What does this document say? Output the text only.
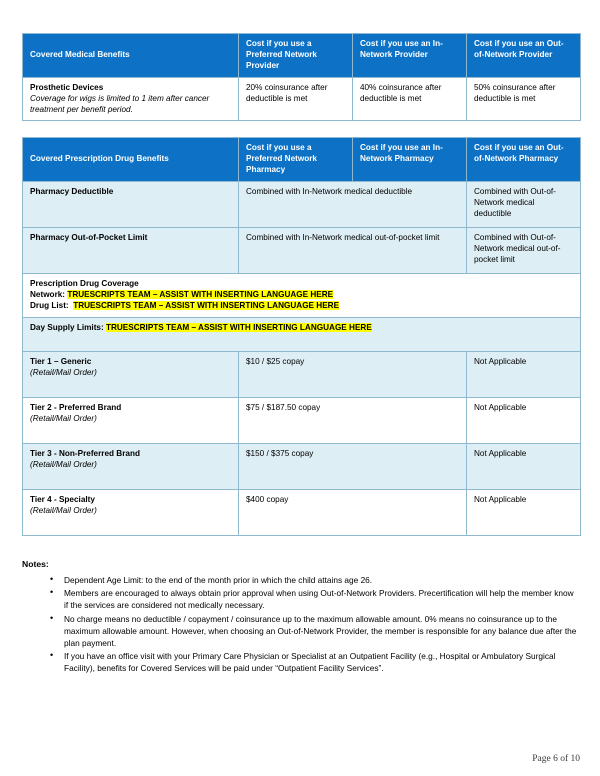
Covered Medical Benefits	Cost if you use a Preferred Network Provider	Cost if you use an In-Network Provider	Cost if you use an Out-of-Network Provider

Prosthetic Devices
Coverage for wigs is limited to 1 item after cancer treatment per benefit period.	20% coinsurance after deductible is met	40% coinsurance after deductible is met	50% coinsurance after deductible is met

Covered Prescription Drug Benefits	Cost if you use a Preferred Network Pharmacy	Cost if you use an In-Network Pharmacy	Cost if you use an Out-of-Network Pharmacy

Pharmacy Deductible	Combined with In-Network medical deductible		Combined with Out-of-Network medical deductible

Pharmacy Out-of-Pocket Limit	Combined with In-Network medical out-of-pocket limit		Combined with Out-of-Network medical out-of-pocket limit

Prescription Drug Coverage
Network: TRUESCRIPTS TEAM – ASSIST WITH INSERTING LANGUAGE HERE
Drug List: TRUESCRIPTS TEAM – ASSIST WITH INSERTING LANGUAGE HERE			

Day Supply Limits: TRUESCRIPTS TEAM – ASSIST WITH INSERTING LANGUAGE HERE			

Tier 1 – Generic
(Retail/Mail Order)	$10 / $25 copay		Not Applicable

Tier 2 - Preferred Brand
(Retail/Mail Order)	$75 / $187.50 copay		Not Applicable

Tier 3 - Non-Preferred Brand
(Retail/Mail Order)	$150 / $375 copay		Not Applicable

Tier 4 - Specialty
(Retail/Mail Order)	$400 copay		Not Applicable
Notes:
• Dependent Age Limit: to the end of the month prior in which the child attains age 26.
• Members are encouraged to always obtain prior approval when using Out-of-Network Providers. Precertification will help the member know if the services are considered not medically necessary.
• No charge means no deductible / copayment / coinsurance up to the maximum allowable amount. 0% means no coinsurance up to the maximum allowable amount. However, when choosing an Out-of-Network Provider, the member is responsible for any balance due after the plan payment.
• If you have an office visit with your Primary Care Physician or Specialist at an Outpatient Facility (e.g., Hospital or Ambulatory Surgical Facility), benefits for Covered Services will be paid under “Outpatient Facility Services”.
Page 6 of 10
